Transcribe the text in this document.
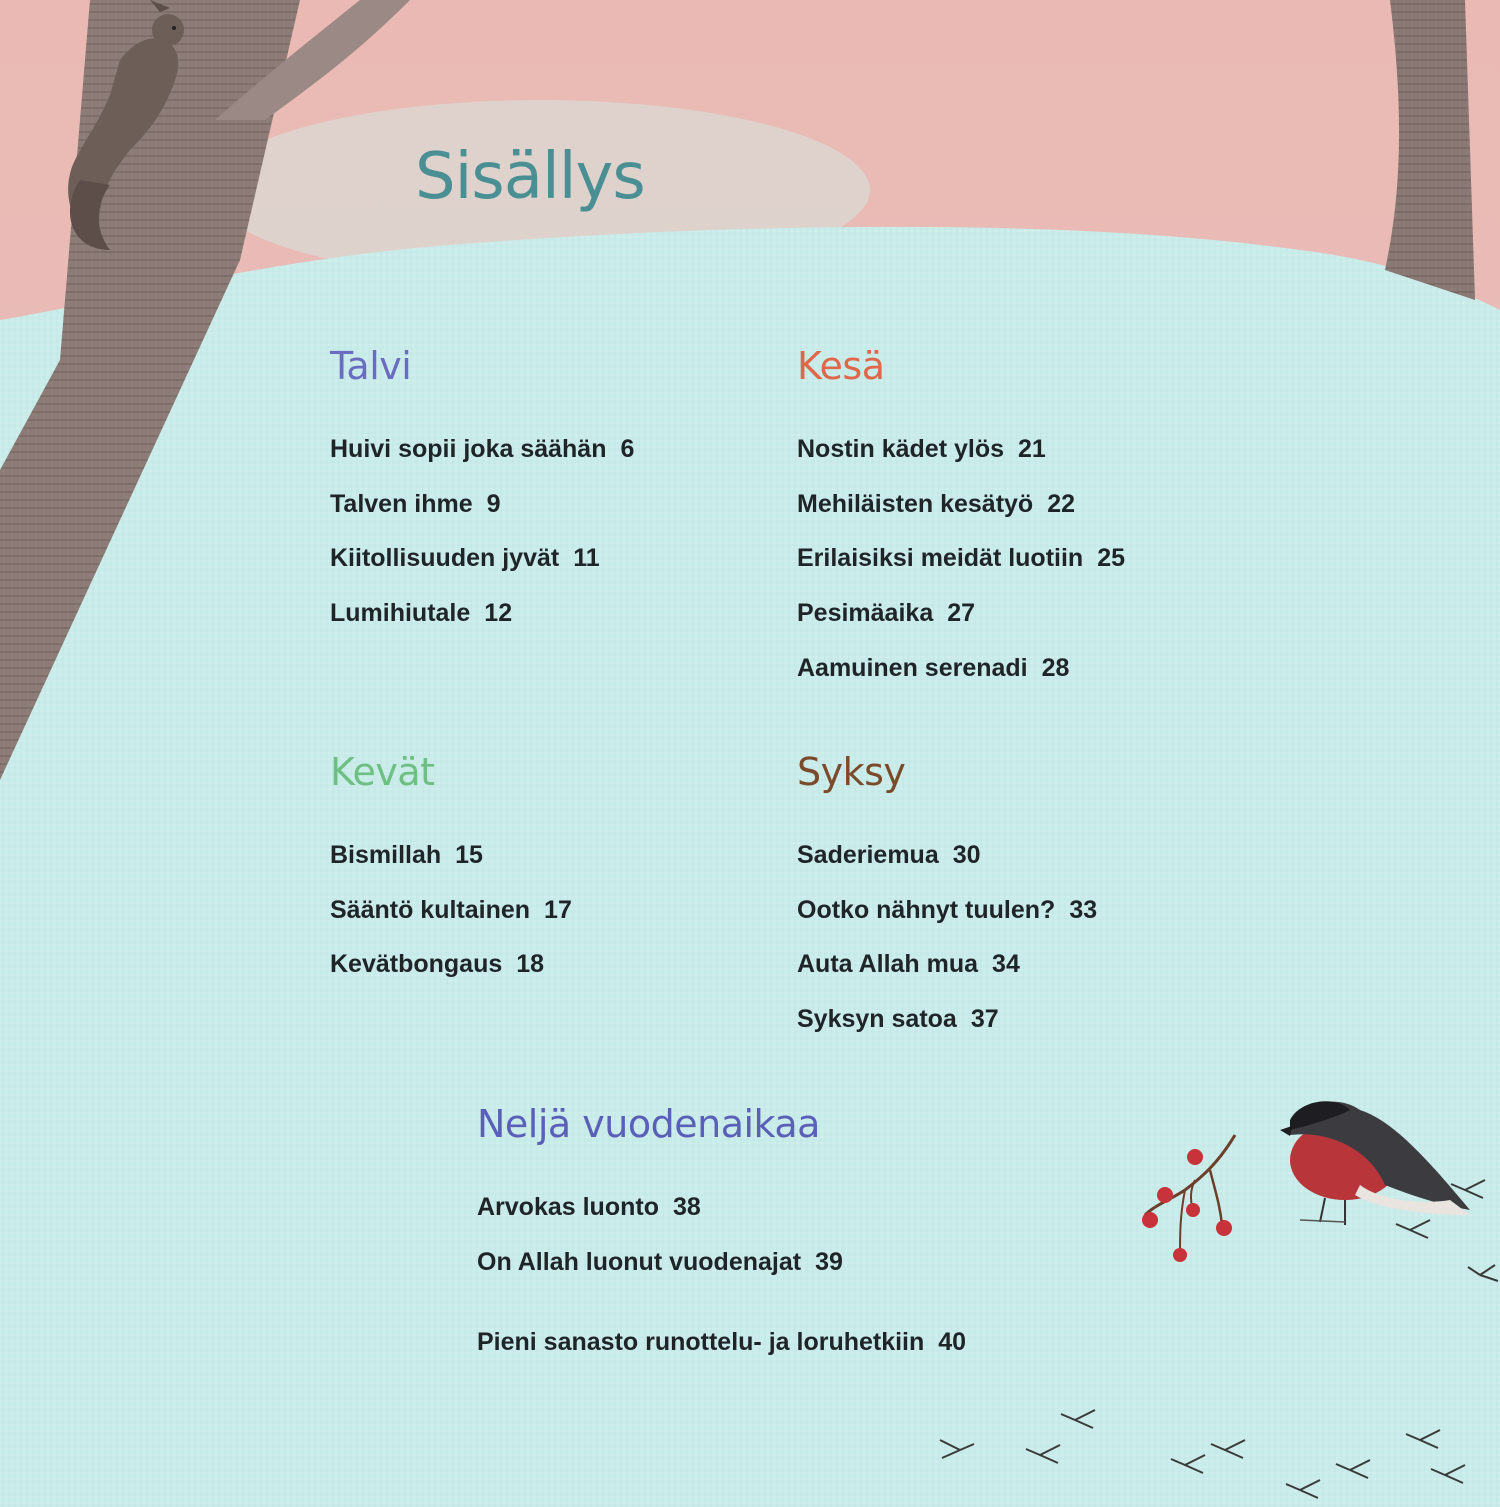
Sisällys
Talvi
Huivi sopii joka säähän 6
Talven ihme 9
Kiitollisuuden jyvät 11
Lumihiutale 12
Kesä
Nostin kädet ylös 21
Mehiläisten kesätyö 22
Erilaisiksi meidät luotiin 25
Pesimäaika 27
Aamuinen serenadi 28
Kevät
Bismillah 15
Sääntö kultainen 17
Kevätbongaus 18
Syksy
Saderiemua 30
Ootko nähnyt tuulen? 33
Auta Allah mua 34
Syksyn satoa 37
Neljä vuodenaikaa
Arvokas luonto 38
On Allah luonut vuodenajat 39
Pieni sanasto runottelu- ja loruhetkiin 40
